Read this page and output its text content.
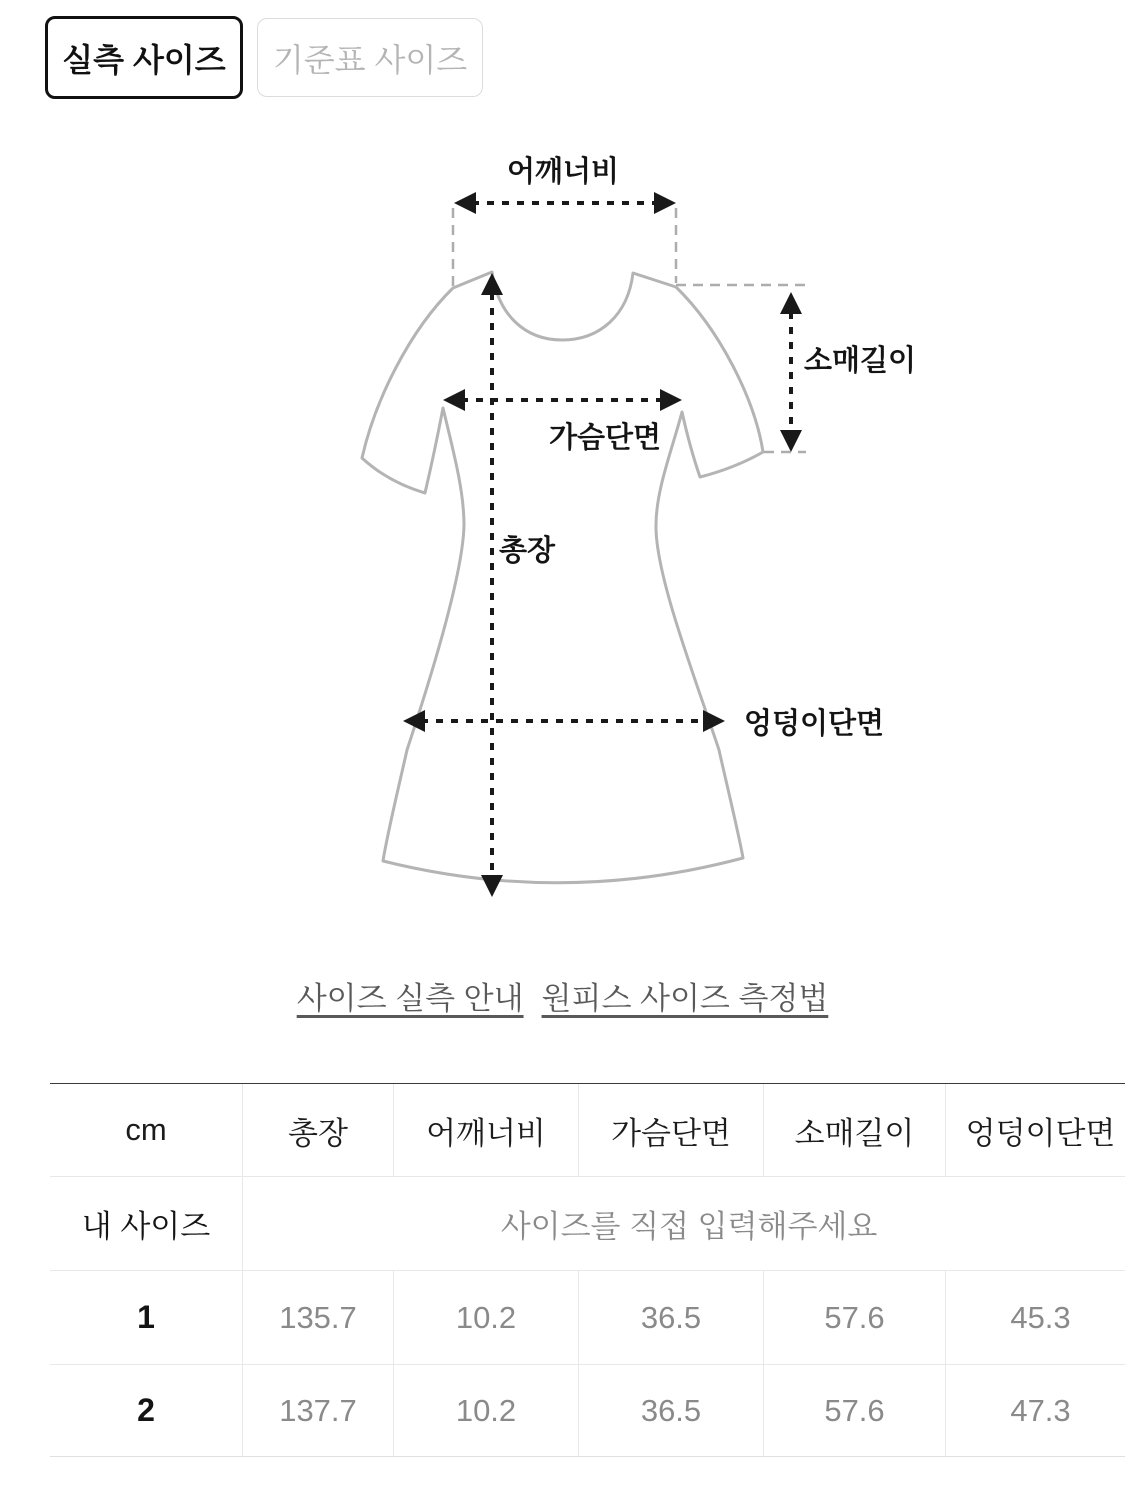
실측 사이즈	기준표 사이즈
어깨너비
소매길이
가슴단면
총장
엉덩이단면
사이즈 실측 안내 원피스 사이즈 측정법
cm	총장	어깨너비	가슴단면	소매길이	엉덩이단면
내 사이즈	사이즈를 직접 입력해주세요
1	135.7	10.2	36.5	57.6	45.3
2	137.7	10.2	36.5	57.6	47.3
